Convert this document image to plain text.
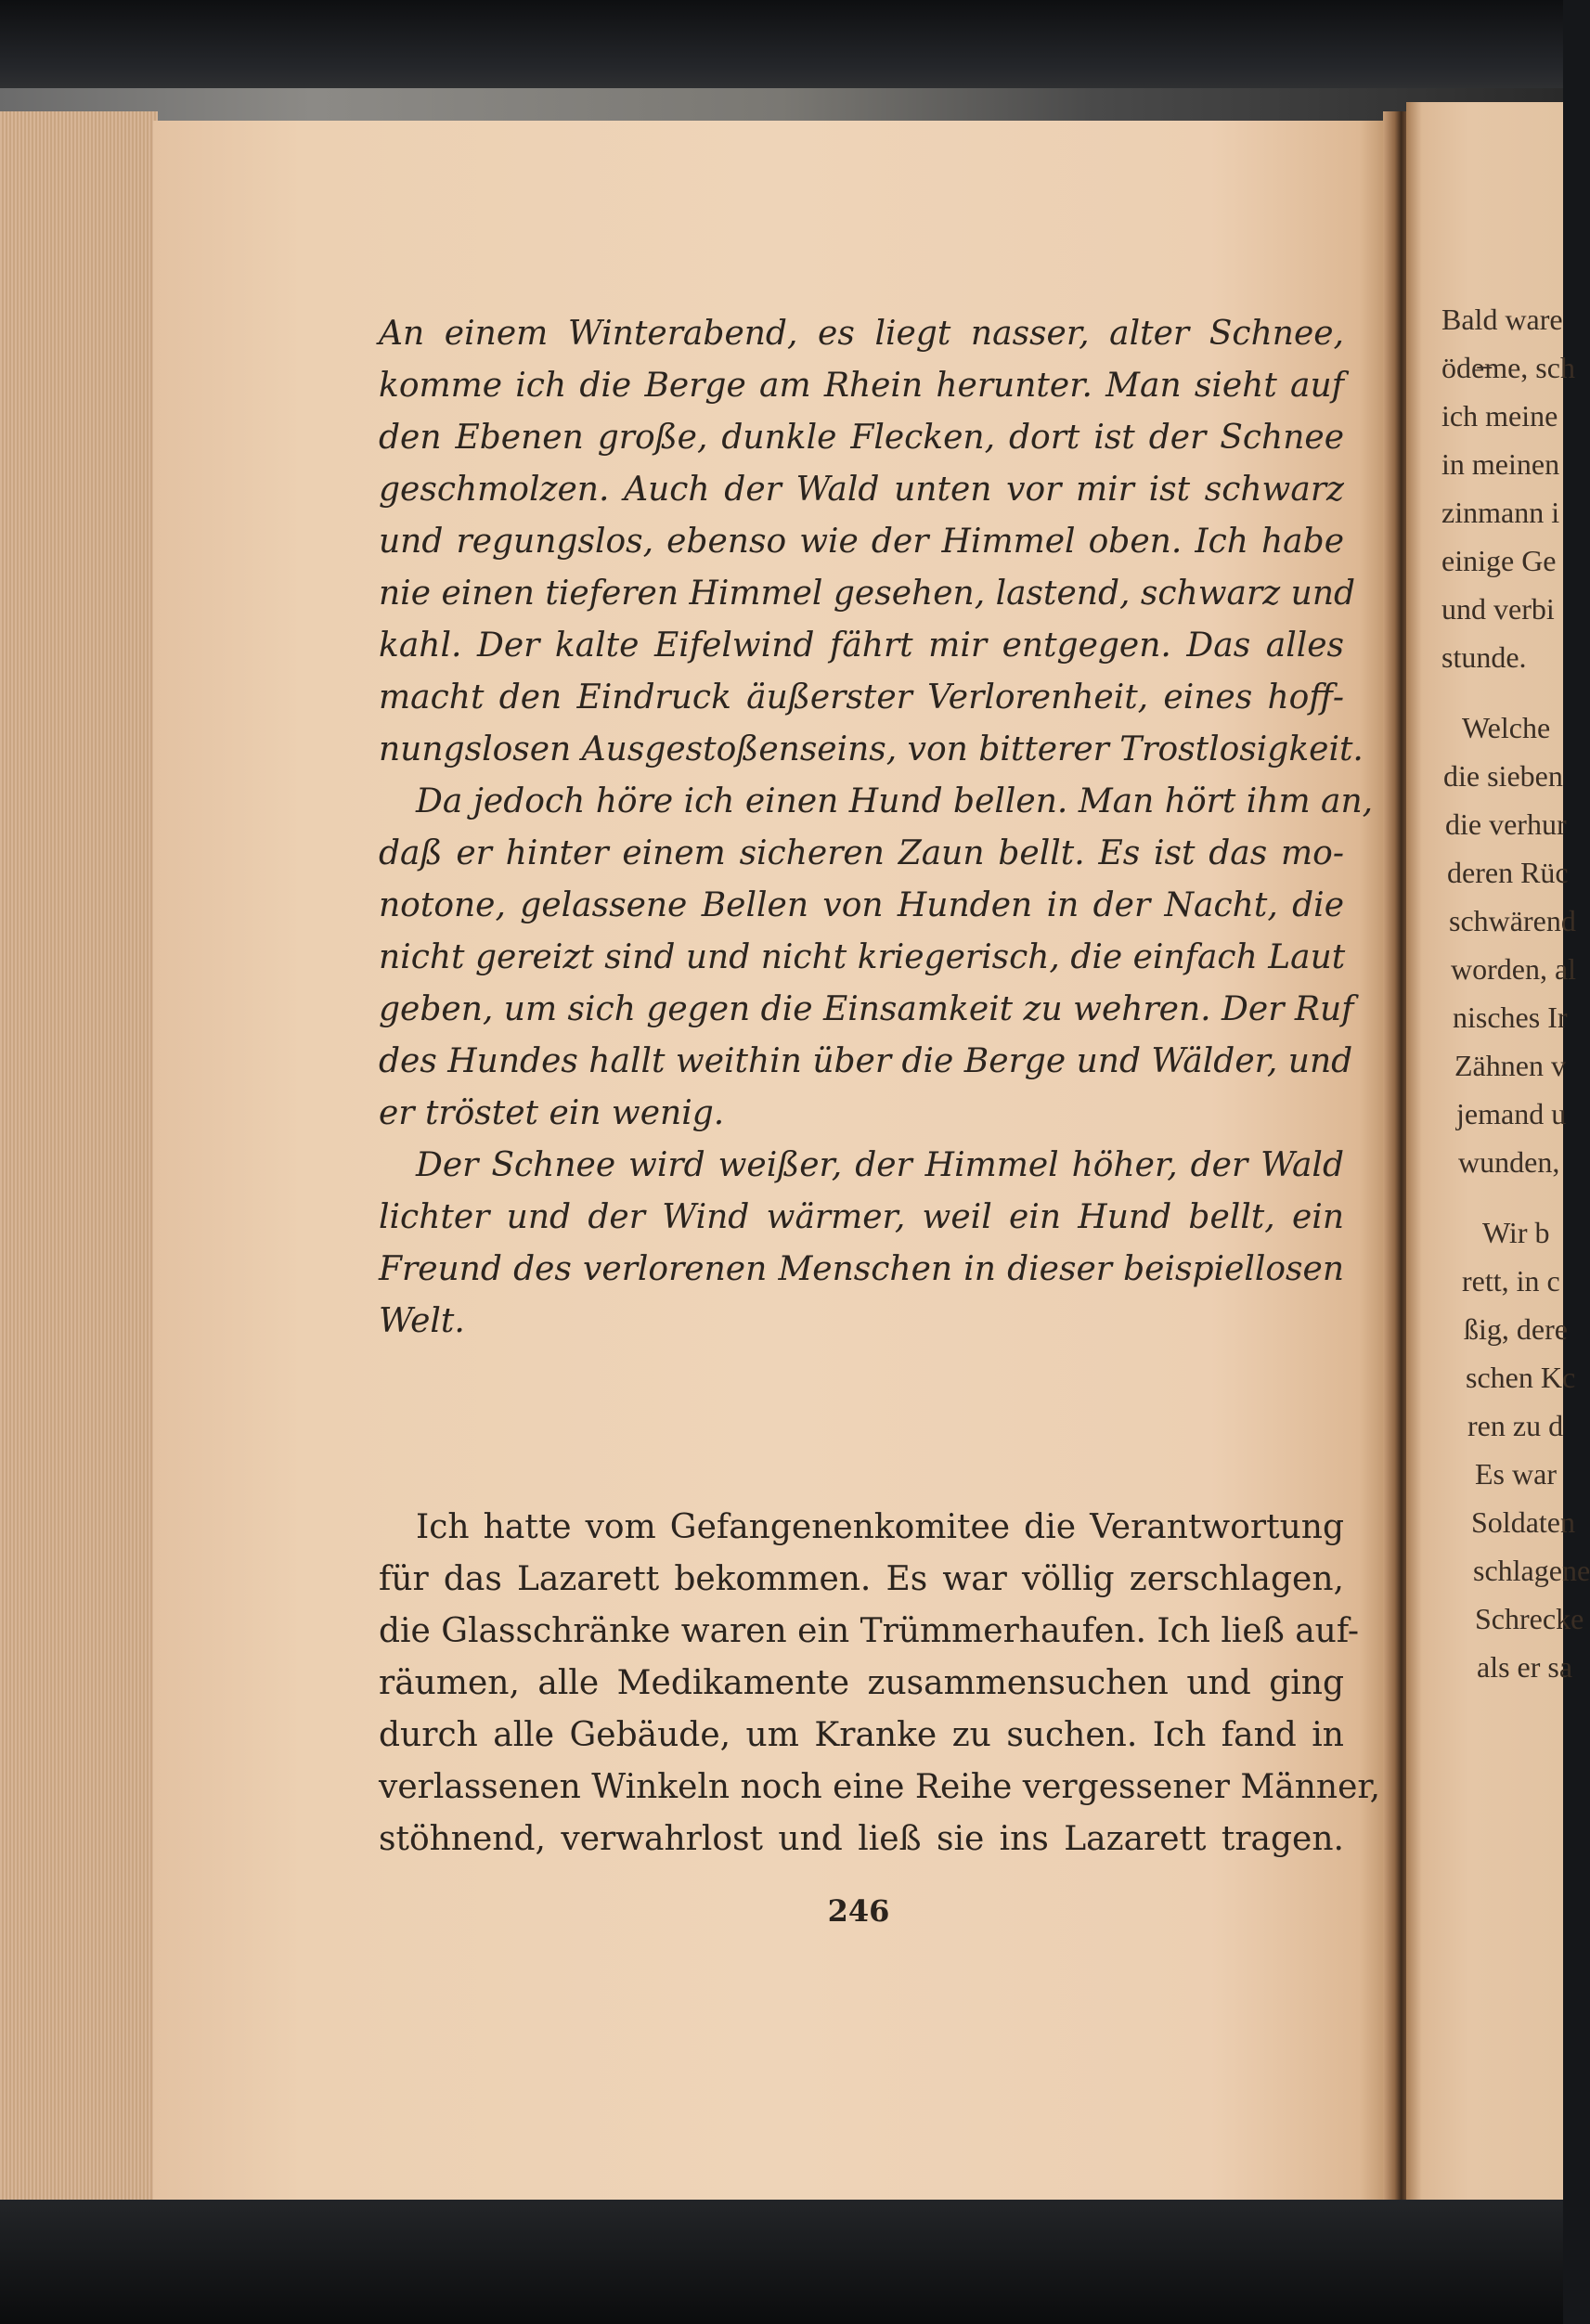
An einem Winterabend, es liegt nasser, alter Schnee,
komme ich die Berge am Rhein herunter. Man sieht auf
den Ebenen große, dunkle Flecken, dort ist der Schnee
geschmolzen. Auch der Wald unten vor mir ist schwarz
und regungslos, ebenso wie der Himmel oben. Ich habe
nie einen tieferen Himmel gesehen, lastend, schwarz und
kahl. Der kalte Eifelwind fährt mir entgegen. Das alles
macht den Eindruck äußerster Verlorenheit, eines hoff-
nungslosen Ausgestoßenseins, von bitterer Trostlosigkeit.
Da jedoch höre ich einen Hund bellen. Man hört ihm an,
daß er hinter einem sicheren Zaun bellt. Es ist das mo-
notone, gelassene Bellen von Hunden in der Nacht, die
nicht gereizt sind und nicht kriegerisch, die einfach Laut
geben, um sich gegen die Einsamkeit zu wehren. Der Ruf
des Hundes hallt weithin über die Berge und Wälder, und
er tröstet ein wenig.
Der Schnee wird weißer, der Himmel höher, der Wald
lichter und der Wind wärmer, weil ein Hund bellt, ein
Freund des verlorenen Menschen in dieser beispiellosen
Welt.
Ich hatte vom Gefangenenkomitee die Verantwortung
für das Lazarett bekommen. Es war völlig zerschlagen,
die Glasschränke waren ein Trümmerhaufen. Ich ließ auf-
räumen, alle Medikamente zusammensuchen und ging
durch alle Gebäude, um Kranke zu suchen. Ich fand in
verlassenen Winkeln noch eine Reihe vergessener Männer,
stöhnend, verwahrlost und ließ sie ins Lazarett tragen.
246
Bald ware
öde̶me, sch
ich meine
in meinen
zinmann i
einige Ge
und verbi
stunde.
Welche
die sieben
die verhur
deren Rüc
schwärend
worden, al
nisches Ir
Zähnen v
jemand u
wunden,
Wir b
rett, in c
ßig, dere
schen Kc
ren zu d
Es war
Soldaten
schlagene
Schrecke
als er sa
